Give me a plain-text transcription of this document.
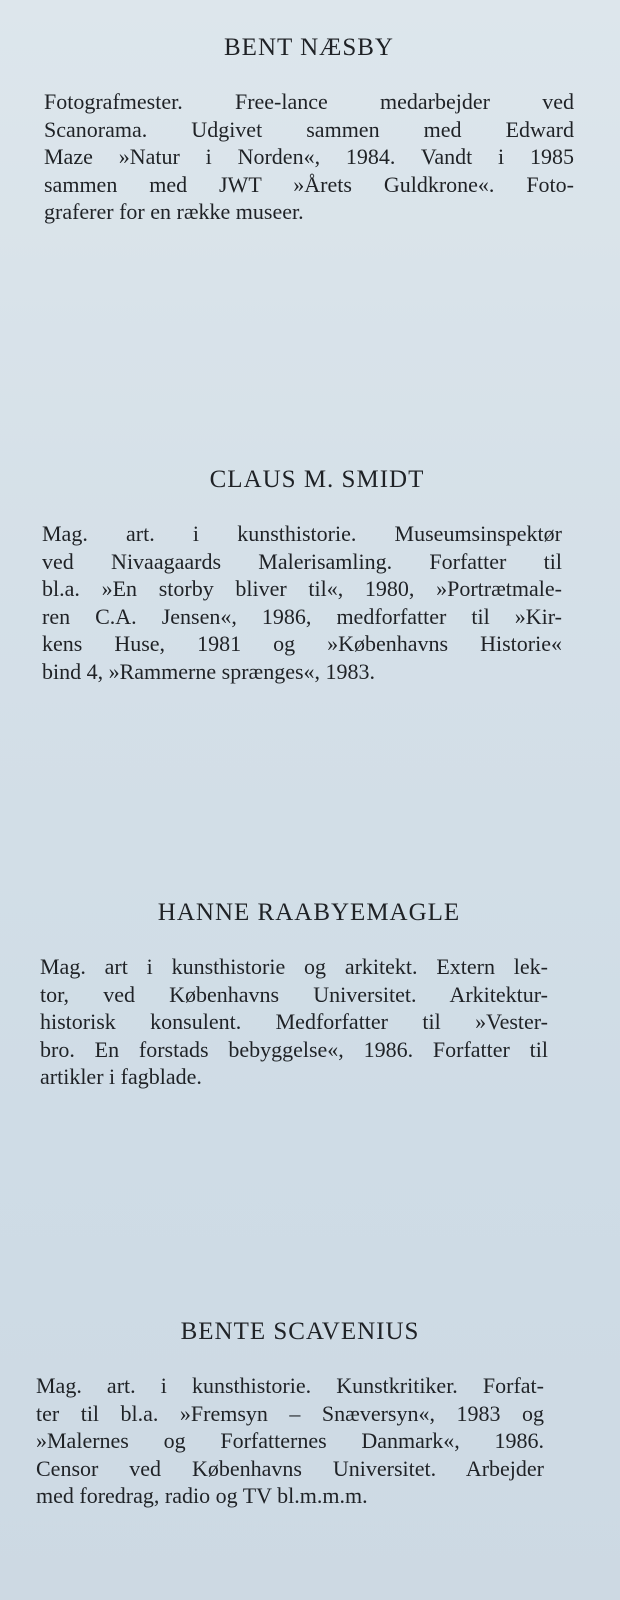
BENT NÆSBY

Fotografmester. Free-lance medarbejder ved
Scanorama. Udgivet sammen med Edward
Maze »Natur i Norden«, 1984. Vandt i 1985
sammen med JWT »Årets Guldkrone«. Foto-
graferer for en række museer.

CLAUS M. SMIDT

Mag. art. i kunsthistorie. Museumsinspektør
ved Nivaagaards Malerisamling. Forfatter til
bl.a. »En storby bliver til«, 1980, »Portrætmale-
ren C.A. Jensen«, 1986, medforfatter til »Kir-
kens Huse, 1981 og »Københavns Historie«
bind 4, »Rammerne sprænges«, 1983.

HANNE RAABYEMAGLE

Mag. art i kunsthistorie og arkitekt. Extern lek-
tor, ved Københavns Universitet. Arkitektur-
historisk konsulent. Medforfatter til »Vester-
bro. En forstads bebyggelse«, 1986. Forfatter til
artikler i fagblade.

BENTE SCAVENIUS

Mag. art. i kunsthistorie. Kunstkritiker. Forfat-
ter til bl.a. »Fremsyn – Snæversyn«, 1983 og
»Malernes og Forfatternes Danmark«, 1986.
Censor ved Københavns Universitet. Arbejder
med foredrag, radio og TV bl.m.m.m.
